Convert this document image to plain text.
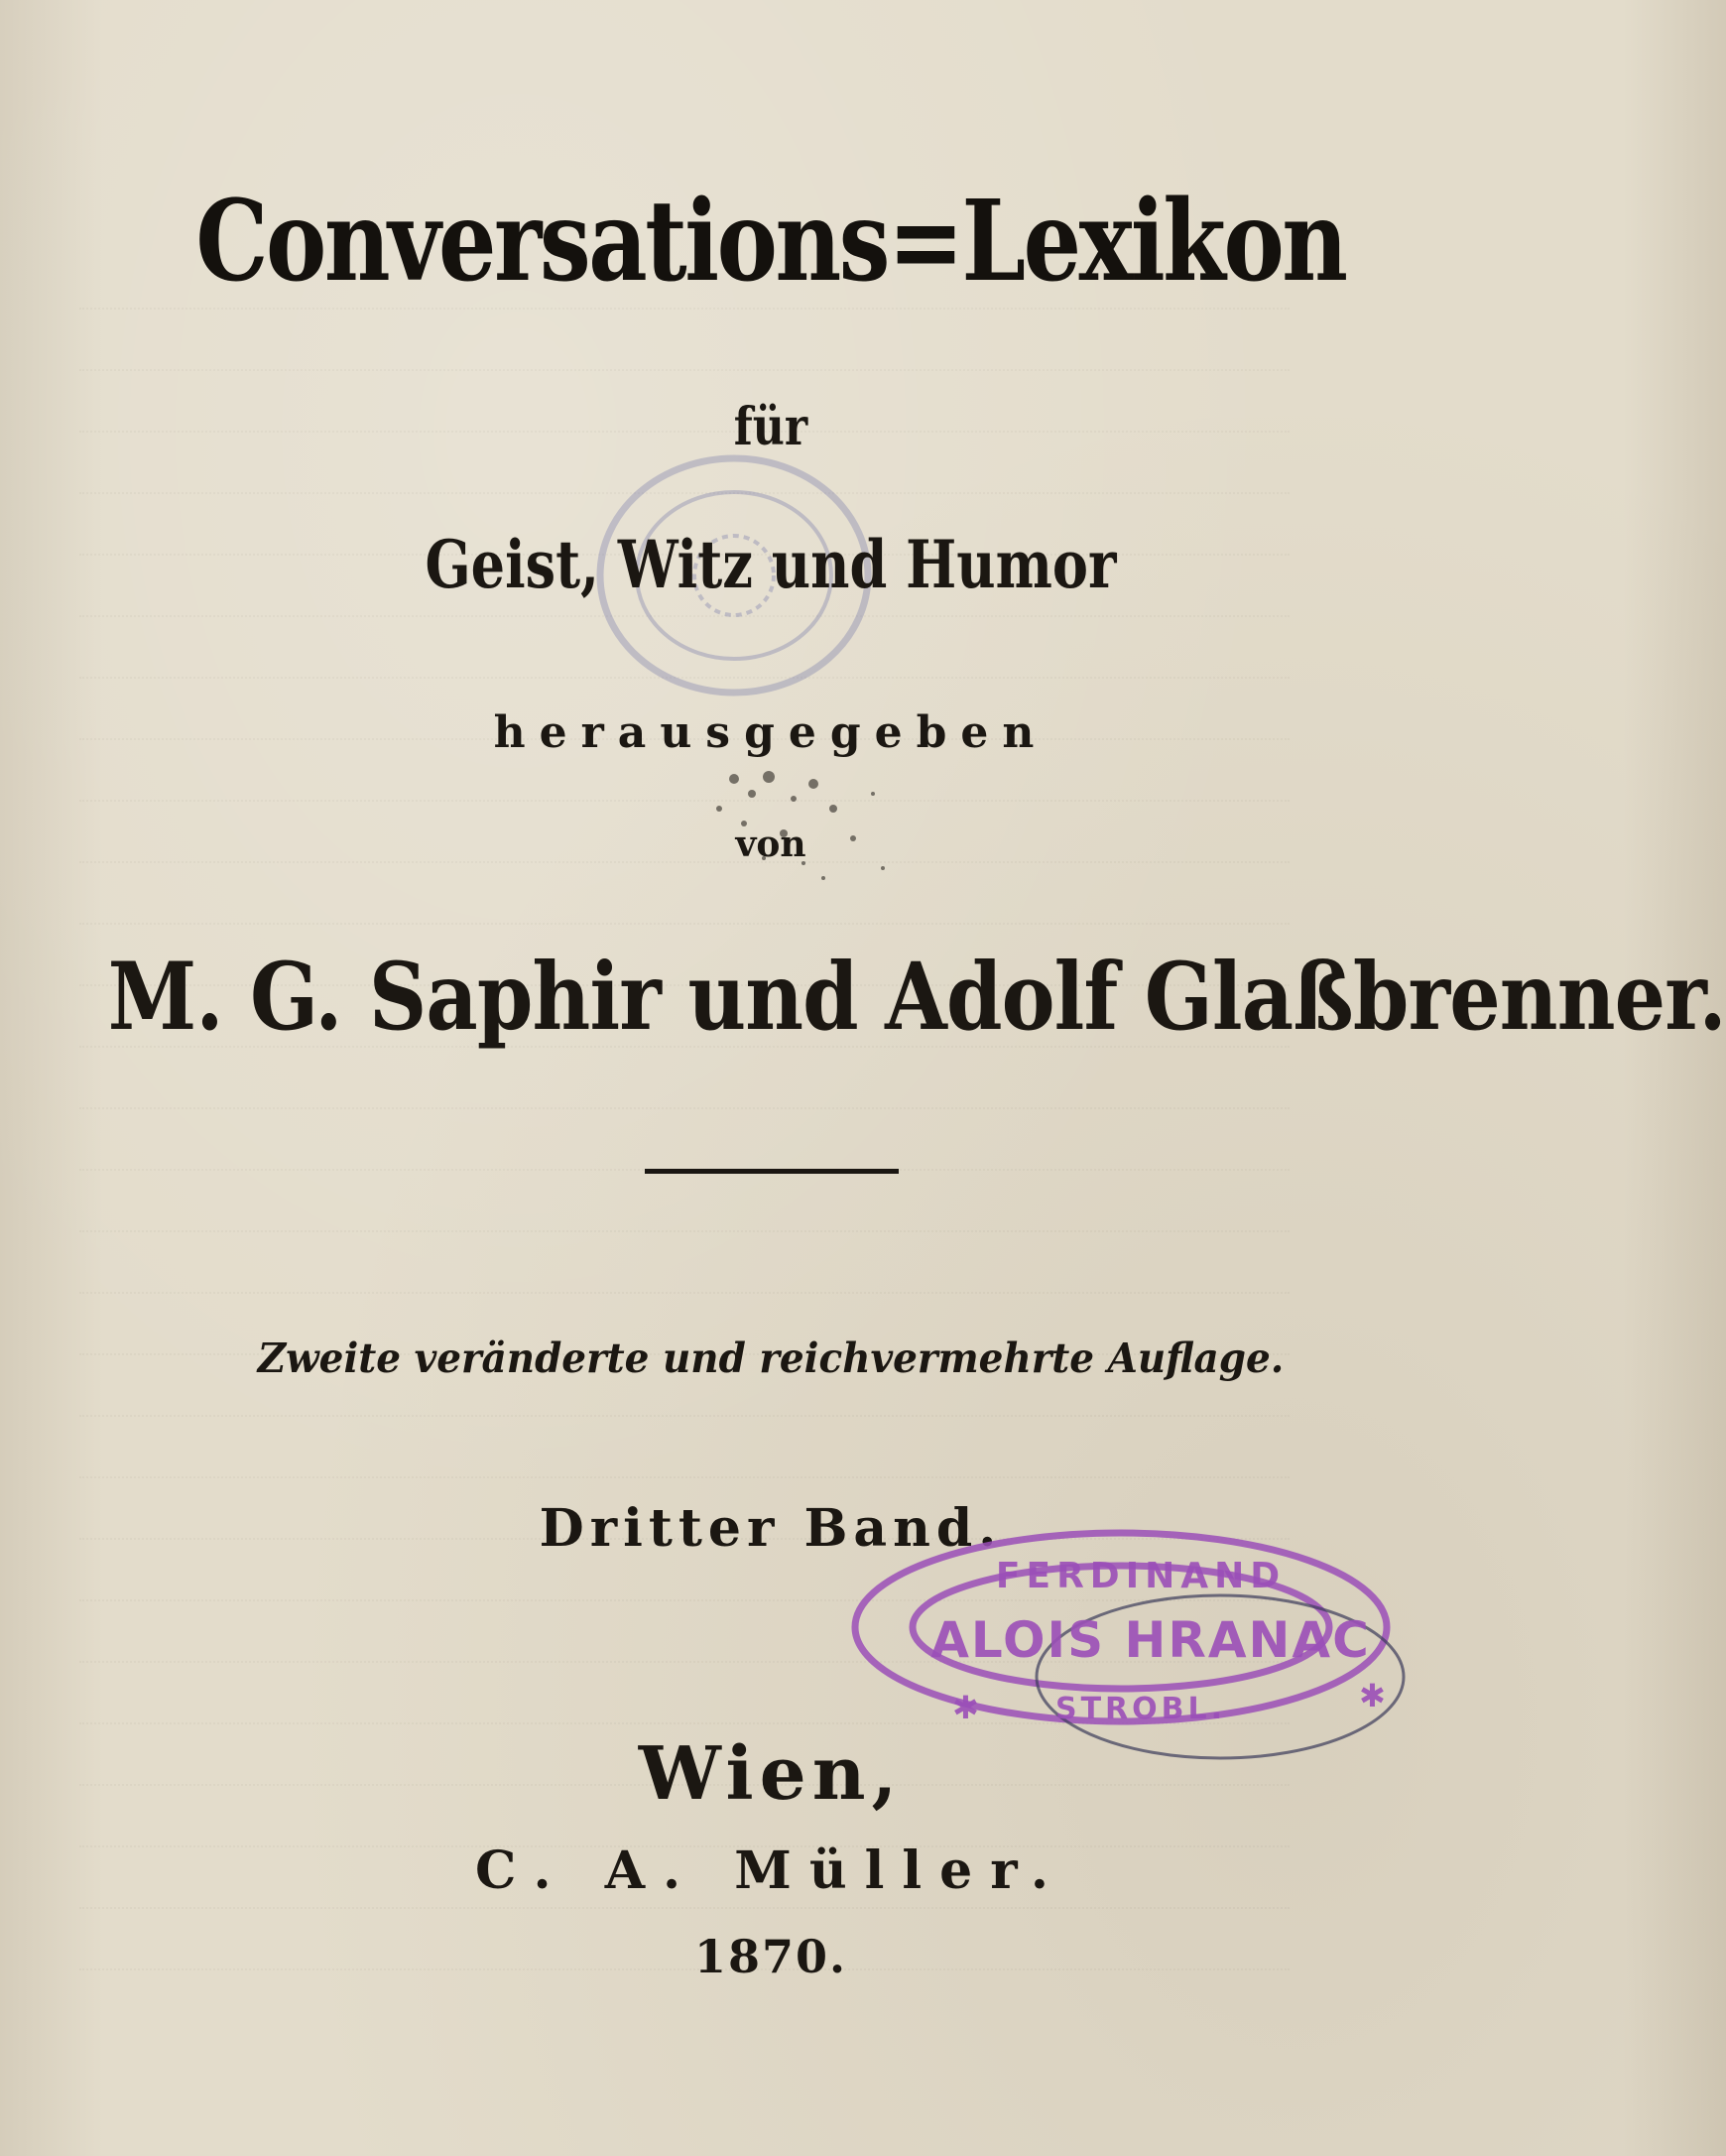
Conversations=Lexikon
für
Geist, Witz und Humor
herausgegeben
von
M. G. Saphir und Adolf Glaßbrenner.
Zweite veränderte und reichvermehrte Auflage.
Dritter Band.
FERDINAND
ALOIS HRANAC
STROBL.
✱	✱
Wien,
C. A. Müller.
1870.
